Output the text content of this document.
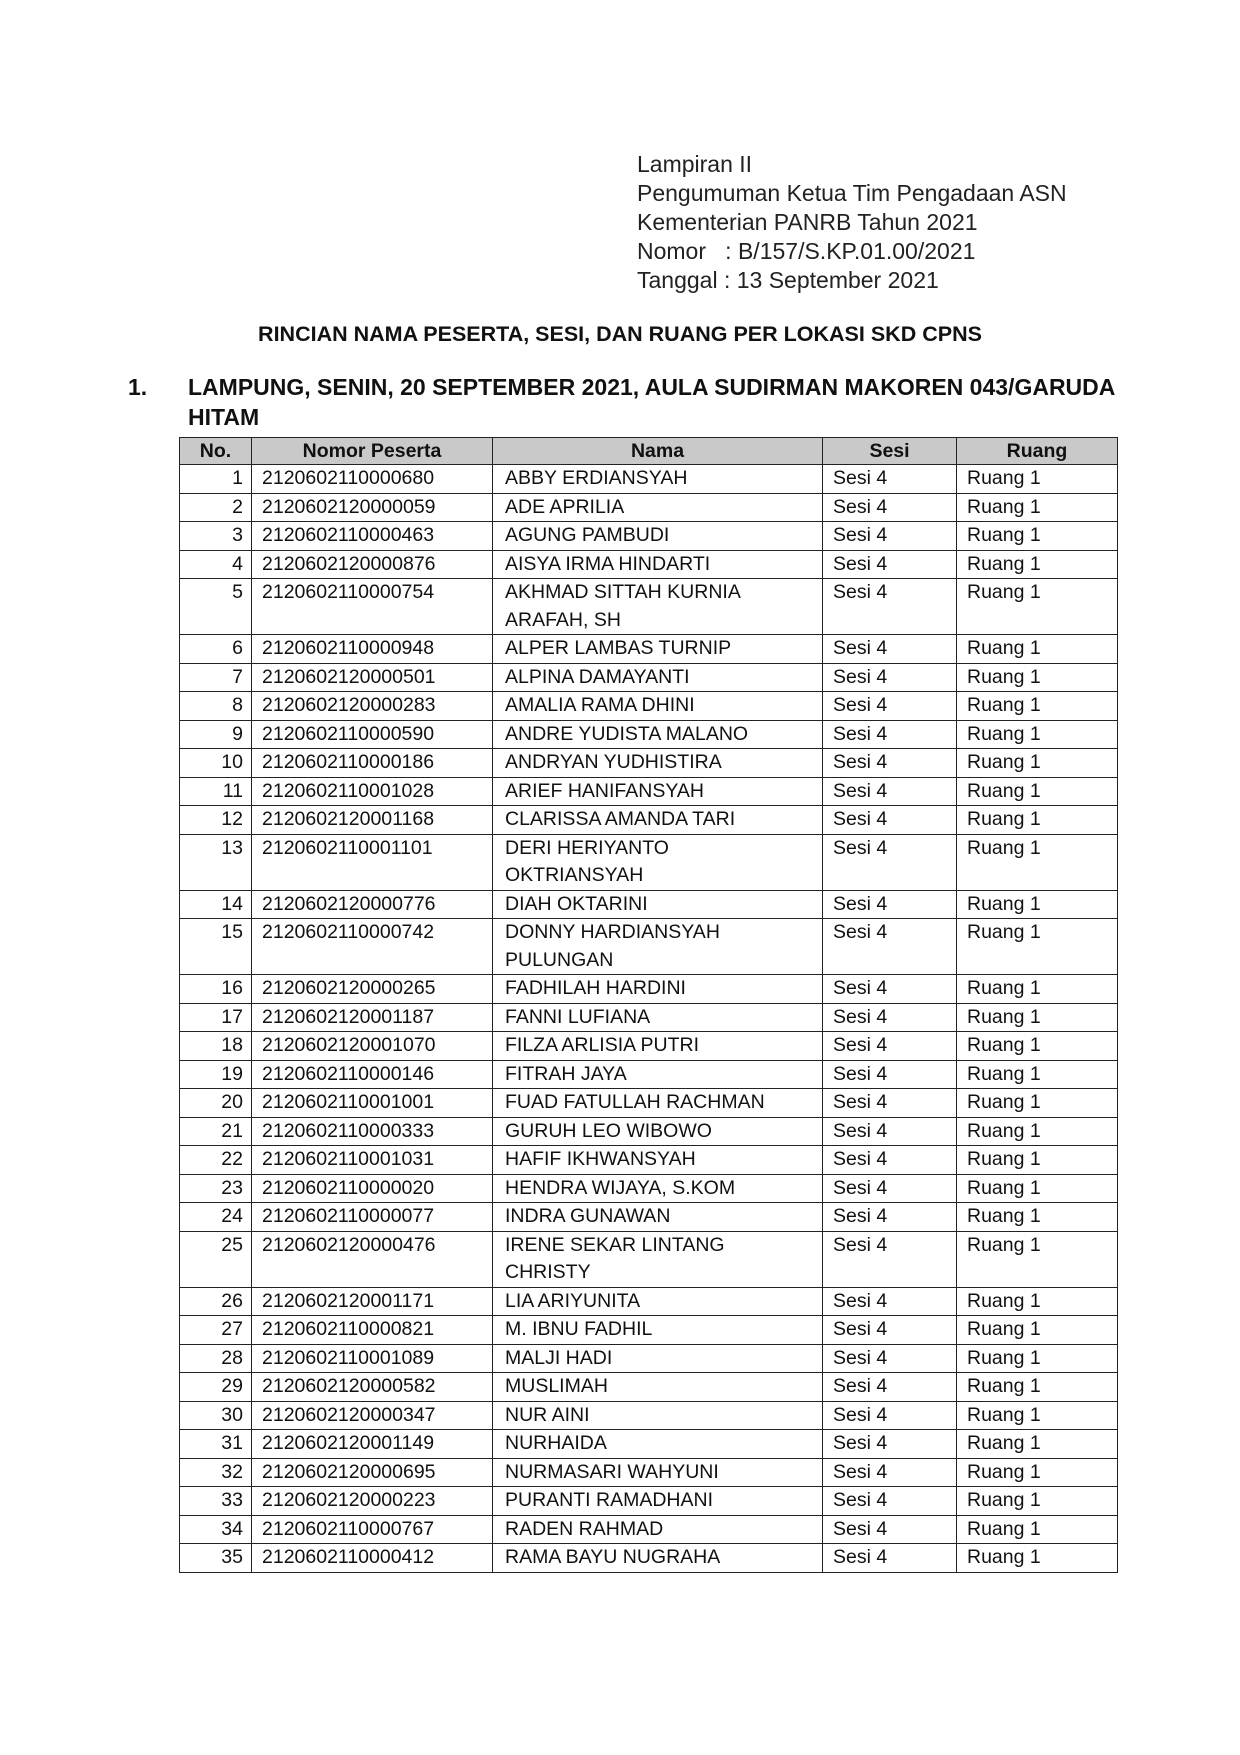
Lampiran II
Pengumuman Ketua Tim Pengadaan ASN
Kementerian PANRB Tahun 2021
Nomor   : B/157/S.KP.01.00/2021
Tanggal : 13 September 2021
RINCIAN NAMA PESERTA, SESI, DAN RUANG PER LOKASI SKD CPNS
1. LAMPUNG, SENIN, 20 SEPTEMBER 2021, AULA SUDIRMAN MAKOREN 043/GARUDA HITAM
No.	Nomor Peserta	Nama	Sesi	Ruang
1	2120602110000680	ABBY ERDIANSYAH	Sesi 4	Ruang 1
2	2120602120000059	ADE APRILIA	Sesi 4	Ruang 1
3	2120602110000463	AGUNG PAMBUDI	Sesi 4	Ruang 1
4	2120602120000876	AISYA IRMA HINDARTI	Sesi 4	Ruang 1
5	2120602110000754	AKHMAD SITTAH KURNIA ARAFAH, SH	Sesi 4	Ruang 1
6	2120602110000948	ALPER LAMBAS TURNIP	Sesi 4	Ruang 1
7	2120602120000501	ALPINA DAMAYANTI	Sesi 4	Ruang 1
8	2120602120000283	AMALIA RAMA DHINI	Sesi 4	Ruang 1
9	2120602110000590	ANDRE YUDISTA MALANO	Sesi 4	Ruang 1
10	2120602110000186	ANDRYAN YUDHISTIRA	Sesi 4	Ruang 1
11	2120602110001028	ARIEF HANIFANSYAH	Sesi 4	Ruang 1
12	2120602120001168	CLARISSA AMANDA TARI	Sesi 4	Ruang 1
13	2120602110001101	DERI HERIYANTO OKTRIANSYAH	Sesi 4	Ruang 1
14	2120602120000776	DIAH OKTARINI	Sesi 4	Ruang 1
15	2120602110000742	DONNY HARDIANSYAH PULUNGAN	Sesi 4	Ruang 1
16	2120602120000265	FADHILAH HARDINI	Sesi 4	Ruang 1
17	2120602120001187	FANNI LUFIANA	Sesi 4	Ruang 1
18	2120602120001070	FILZA ARLISIA PUTRI	Sesi 4	Ruang 1
19	2120602110000146	FITRAH JAYA	Sesi 4	Ruang 1
20	2120602110001001	FUAD FATULLAH RACHMAN	Sesi 4	Ruang 1
21	2120602110000333	GURUH LEO WIBOWO	Sesi 4	Ruang 1
22	2120602110001031	HAFIF IKHWANSYAH	Sesi 4	Ruang 1
23	2120602110000020	HENDRA WIJAYA, S.KOM	Sesi 4	Ruang 1
24	2120602110000077	INDRA GUNAWAN	Sesi 4	Ruang 1
25	2120602120000476	IRENE SEKAR LINTANG CHRISTY	Sesi 4	Ruang 1
26	2120602120001171	LIA ARIYUNITA	Sesi 4	Ruang 1
27	2120602110000821	M. IBNU FADHIL	Sesi 4	Ruang 1
28	2120602110001089	MALJI HADI	Sesi 4	Ruang 1
29	2120602120000582	MUSLIMAH	Sesi 4	Ruang 1
30	2120602120000347	NUR AINI	Sesi 4	Ruang 1
31	2120602120001149	NURHAIDA	Sesi 4	Ruang 1
32	2120602120000695	NURMASARI WAHYUNI	Sesi 4	Ruang 1
33	2120602120000223	PURANTI RAMADHANI	Sesi 4	Ruang 1
34	2120602110000767	RADEN RAHMAD	Sesi 4	Ruang 1
35	2120602110000412	RAMA BAYU NUGRAHA	Sesi 4	Ruang 1
